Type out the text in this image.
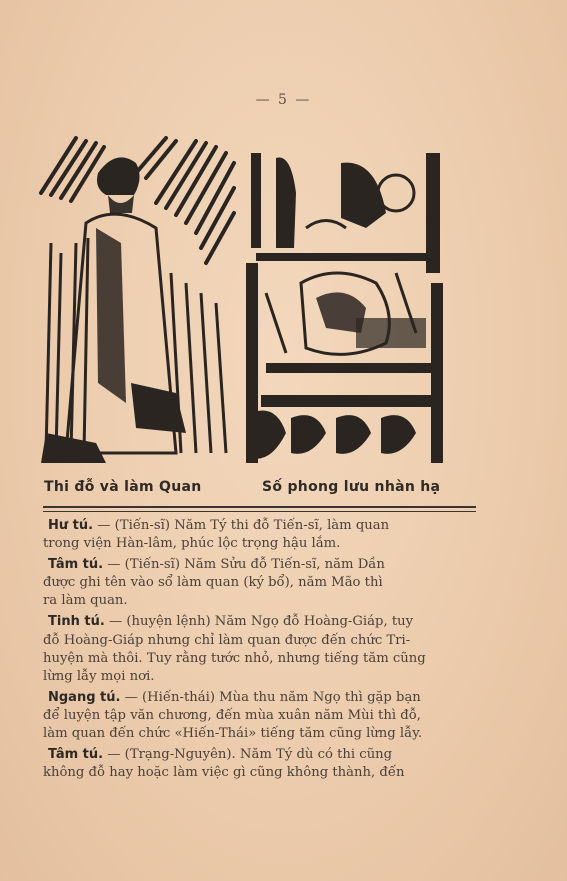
— 5 —
Thi đỗ và làm Quan	Số phong lưu nhàn hạ
Hư tú. — (Tiến-sĩ) Năm Tý thi đỗ Tiến-sĩ, làm quan
trong viện Hàn-lâm, phúc lộc trọng hậu lắm.
Tâm tú. — (Tiến-sĩ) Năm Sửu đỗ Tiến-sĩ, năm Dần
được ghi tên vào sổ làm quan (ký bổ), năm Mão thì
ra làm quan.
Tinh tú. — (huyện lệnh) Năm Ngọ đỗ Hoàng-Giáp, tuy
đỗ Hoàng-Giáp nhưng chỉ làm quan được đến chức Tri-
huyện mà thôi. Tuy rằng tước nhỏ, nhưng tiếng tăm cũng
lừng lẫy mọi nơi.
Ngang tú. — (Hiến-thái) Mùa thu năm Ngọ thì gặp bạn
để luyện tập văn chương, đến mùa xuân năm Mùi thì đỗ,
làm quan đến chức «Hiến-Thái» tiếng tăm cũng lừng lẫy.
Tâm tú. — (Trạng-Nguyên). Năm Tý dù có thi cũng
không đỗ hay hoặc làm việc gì cũng không thành, đến
